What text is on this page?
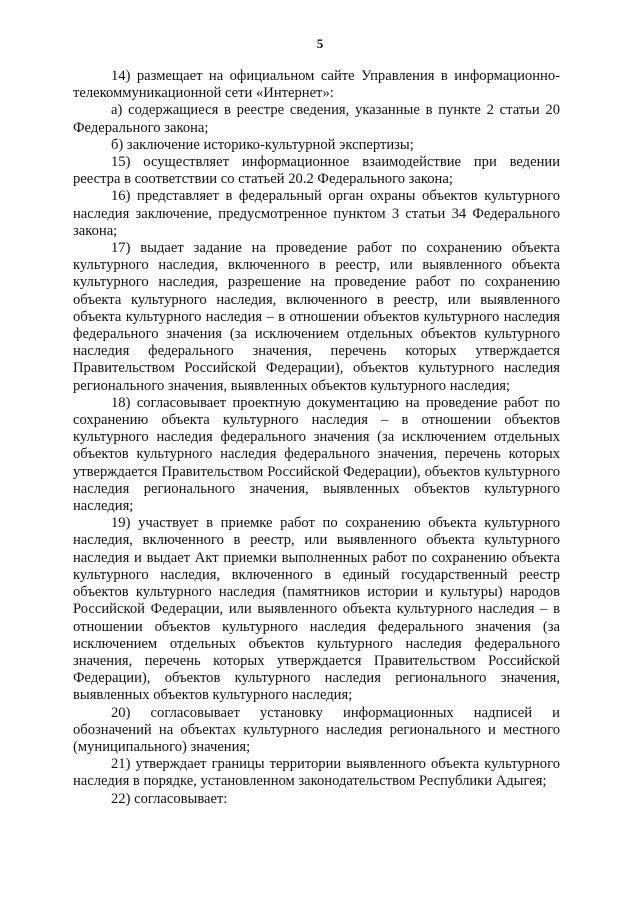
5

14) размещает на официальном сайте Управления в информационно-телекоммуникационной сети «Интернет»:

а) содержащиеся в реестре сведения, указанные в пункте 2 статьи 20 Федерального закона;

б) заключение историко-культурной экспертизы;

15) осуществляет информационное взаимодействие при ведении реестра в соответствии со статьей 20.2 Федерального закона;

16) представляет в федеральный орган охраны объектов культурного наследия заключение, предусмотренное пунктом 3 статьи 34 Федерального закона;

17) выдает задание на проведение работ по сохранению объекта культурного наследия, включенного в реестр, или выявленного объекта культурного наследия, разрешение на проведение работ по сохранению объекта культурного наследия, включенного в реестр, или выявленного объекта культурного наследия – в отношении объектов культурного наследия федерального значения (за исключением отдельных объектов культурного наследия федерального значения, перечень которых утверждается Правительством Российской Федерации), объектов культурного наследия регионального значения, выявленных объектов культурного наследия;

18) согласовывает проектную документацию на проведение работ по сохранению объекта культурного наследия – в отношении объектов культурного наследия федерального значения (за исключением отдельных объектов культурного наследия федерального значения, перечень которых утверждается Правительством Российской Федерации), объектов культурного наследия регионального значения, выявленных объектов культурного наследия;

19) участвует в приемке работ по сохранению объекта культурного наследия, включенного в реестр, или выявленного объекта культурного наследия и выдает Акт приемки выполненных работ по сохранению объекта культурного наследия, включенного в единый государственный реестр объектов культурного наследия (памятников истории и культуры) народов Российской Федерации, или выявленного объекта культурного наследия – в отношении объектов культурного наследия федерального значения (за исключением отдельных объектов культурного наследия федерального значения, перечень которых утверждается Правительством Российской Федерации), объектов культурного наследия регионального значения, выявленных объектов культурного наследия;

20) согласовывает установку информационных надписей и обозначений на объектах культурного наследия регионального и местного (муниципального) значения;

21) утверждает границы территории выявленного объекта культурного наследия в порядке, установленном законодательством Республики Адыгея;

22) согласовывает:
